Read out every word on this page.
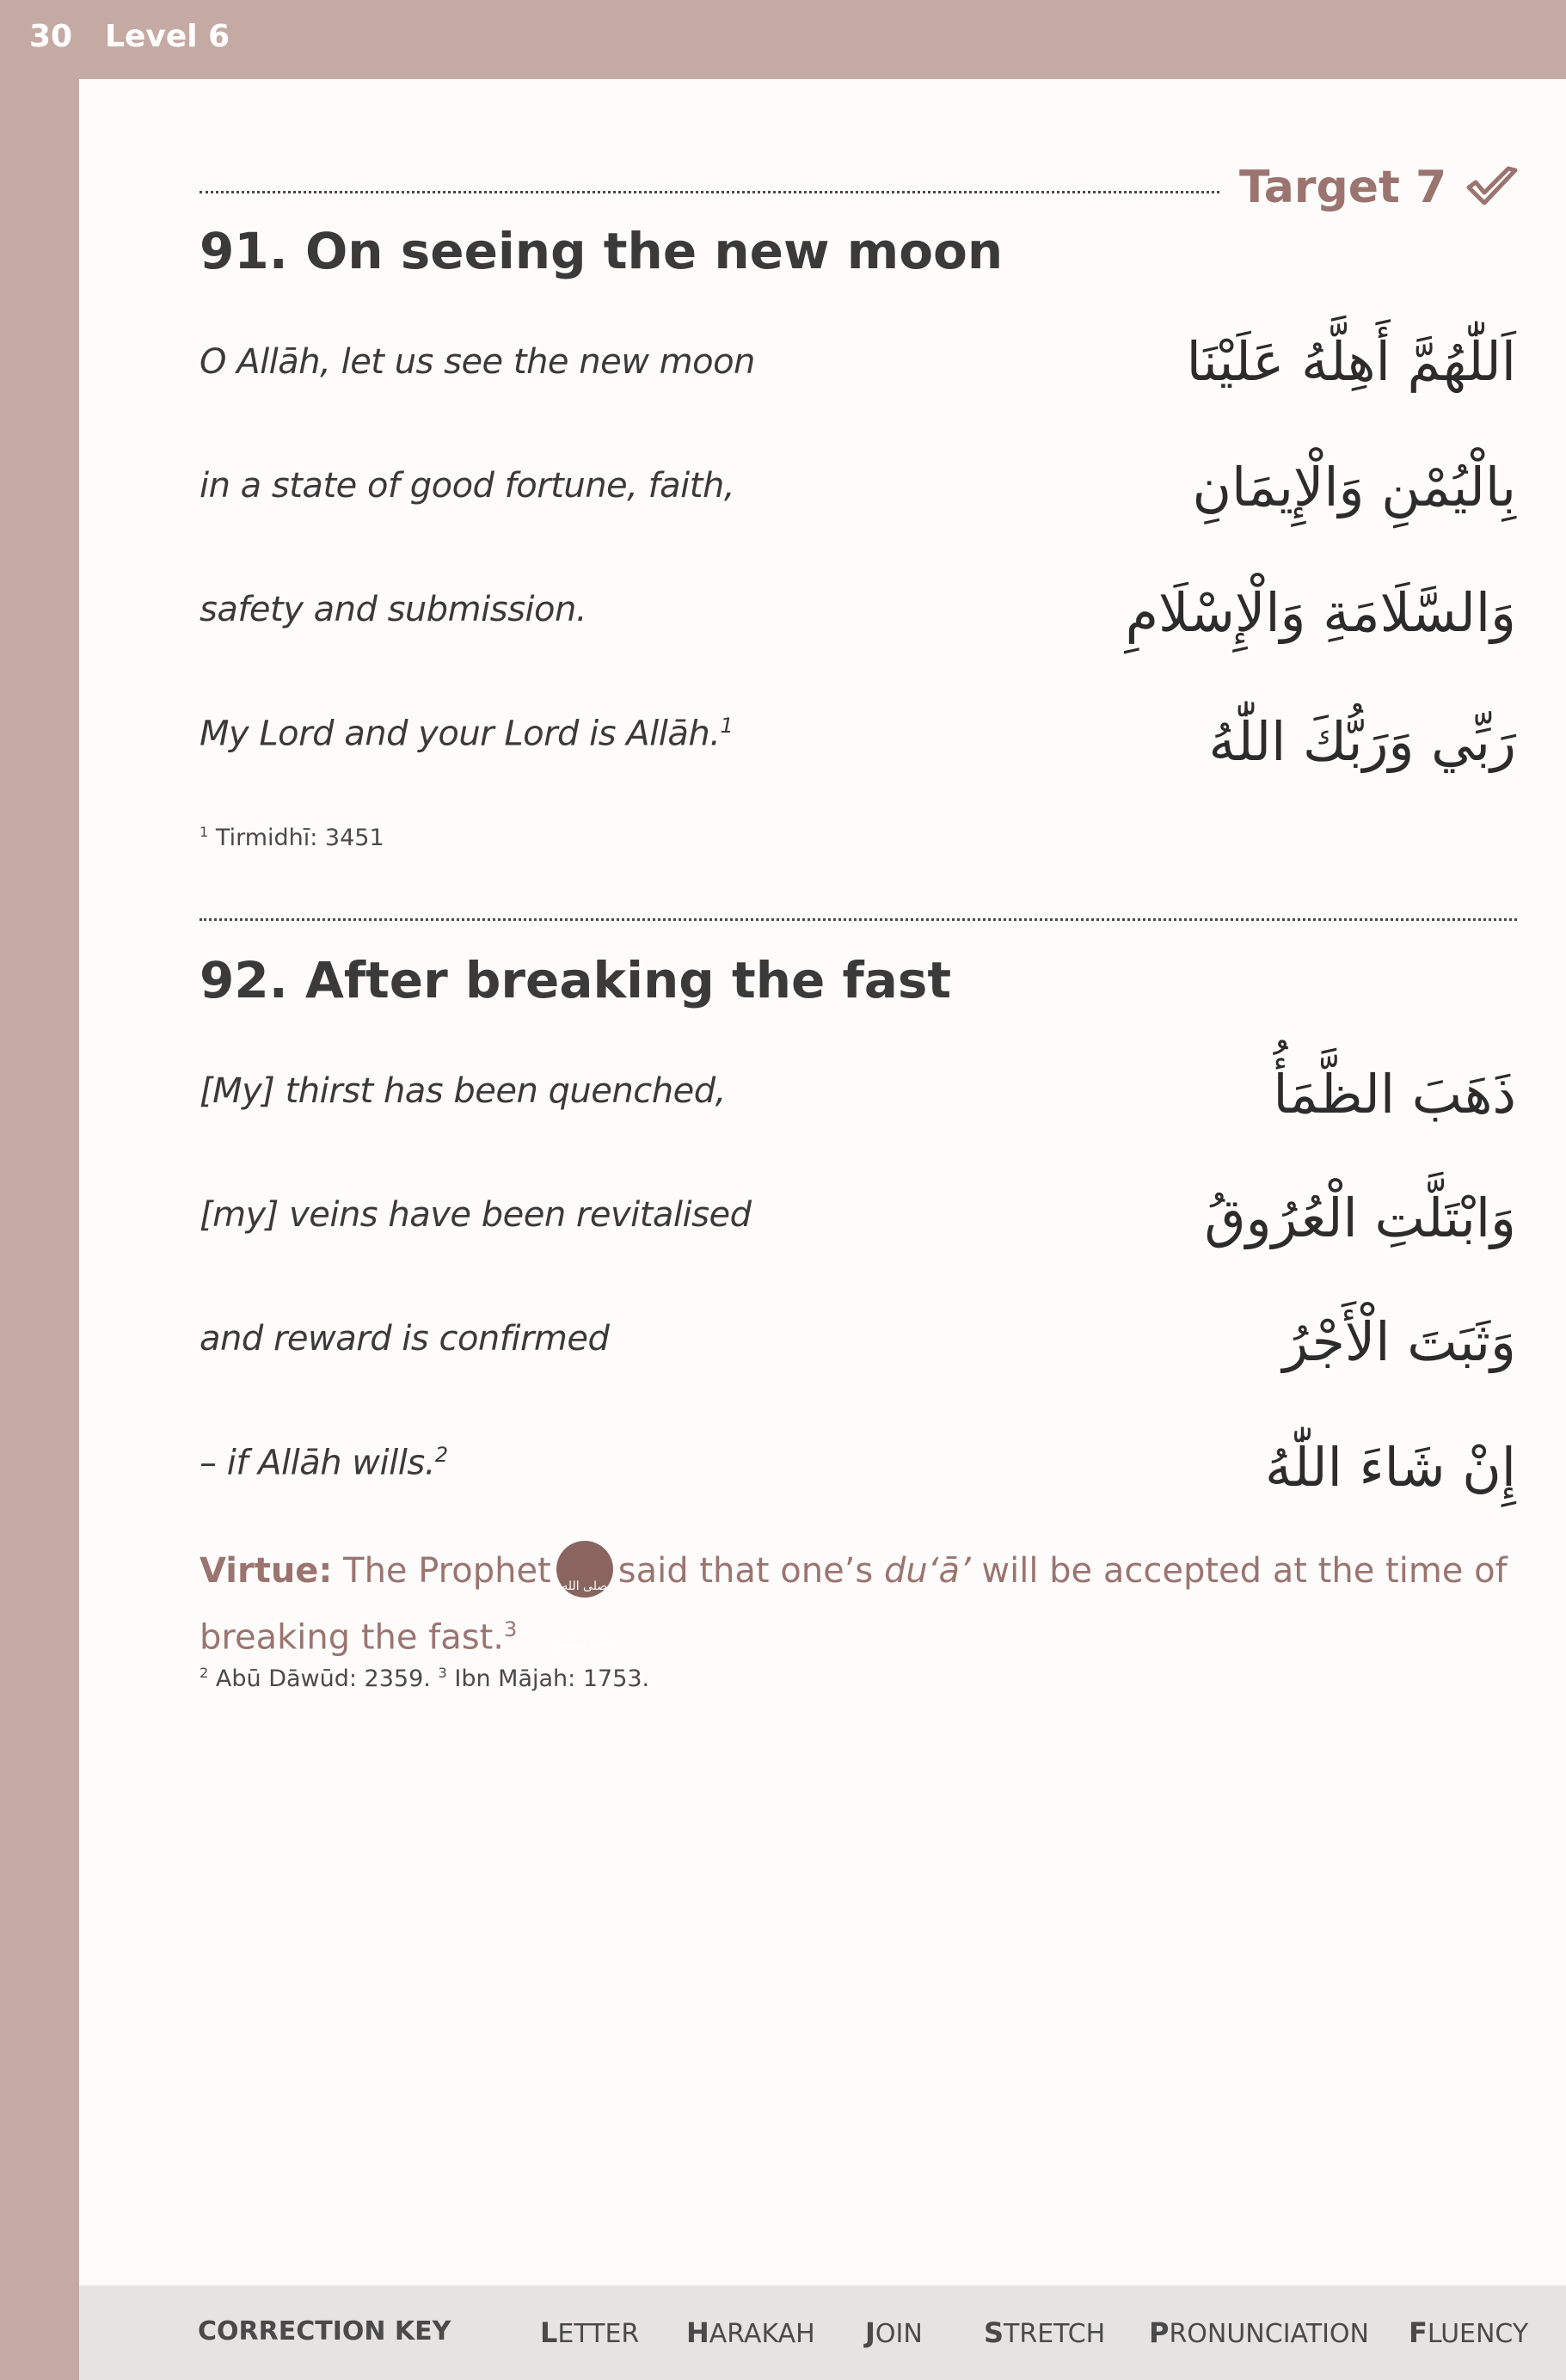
30 Level 6
Target 7
91. On seeing the new moon
O Allāh, let us see the new moon	اَللّٰهُمَّ أَهِلَّهُ عَلَيْنَا
in a state of good fortune, faith,	بِالْيُمْنِ وَالْإِيمَانِ
safety and submission.	وَالسَّلَامَةِ وَالْإِسْلَامِ
My Lord and your Lord is Allāh.$^1$	رَبِّي وَرَبُّكَ اللّٰهُ
$^1$ Tirmidhī: 3451
92. After breaking the fast
[My] thirst has been quenched,	ذَهَبَ الظَّمَأُ
[my] veins have been revitalised	وَابْتَلَّتِ الْعُرُوقُ
and reward is confirmed	وَثَبَتَ الْأَجْرُ
– if Allāh wills.$^2$	إِنْ شَاءَ اللّٰهُ
Virtue: The Prophet صلى الله عليه وسلم
said that one’s du‘ā’ will be accepted at the time of breaking the fast.$^3$
$^2$ Abū Dāwūd: 2359. $^3$ Ibn Mājah: 1753.
CORRECTION KEY	LETTER HARAKAH JOIN STRETCH PRONUNCIATION FLUENCY
